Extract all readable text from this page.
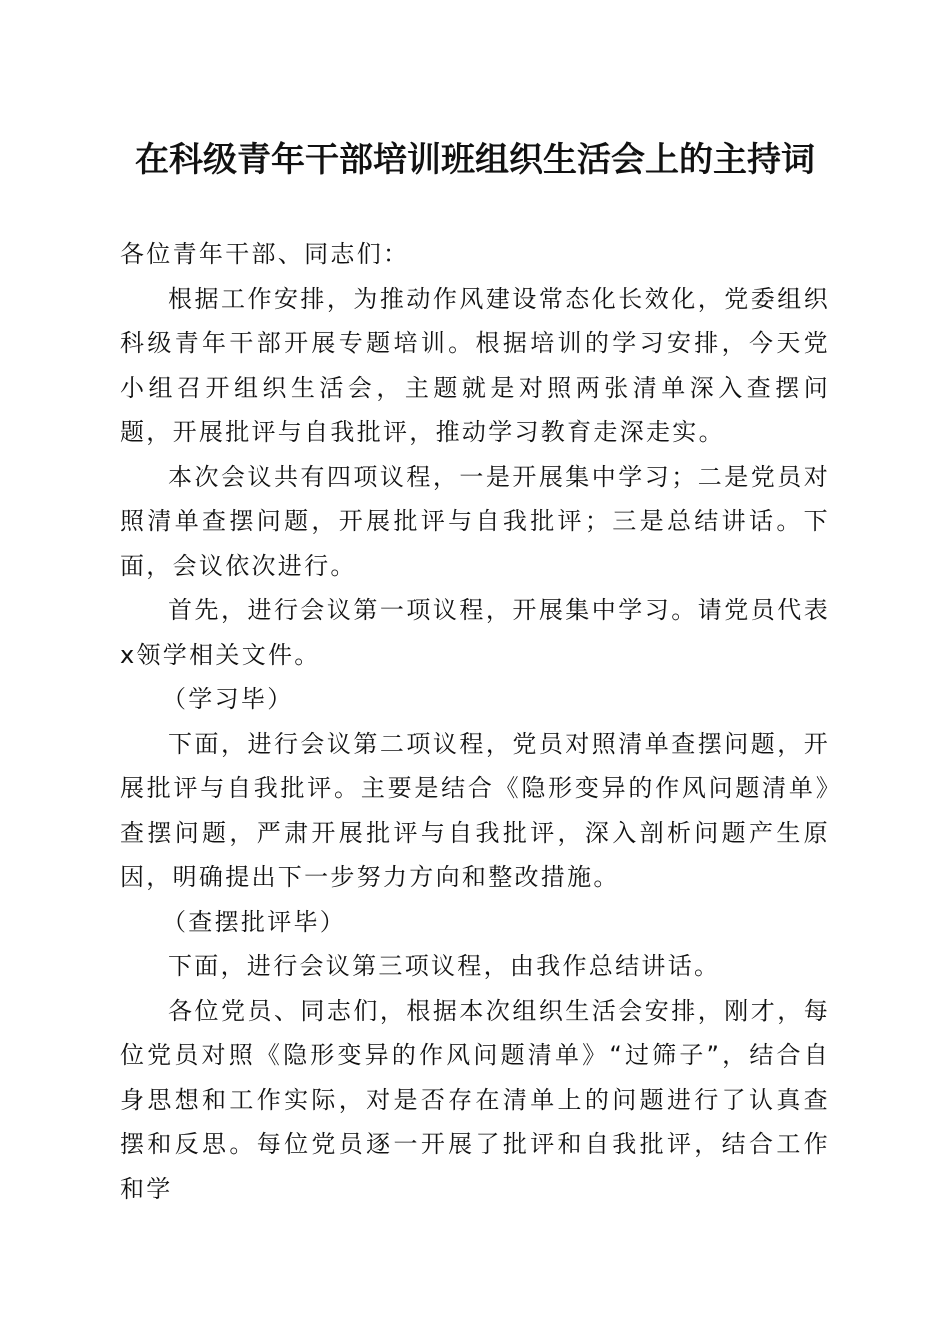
在科级青年干部培训班组织生活会上的主持词

各位青年干部、同志们：

根据工作安排，为推动作风建设常态化长效化，党委组织科级青年干部开展专题培训。根据培训的学习安排，今天党小组召开组织生活会，主题就是对照两张清单深入查摆问题，开展批评与自我批评，推动学习教育走深走实。

本次会议共有四项议程，一是开展集中学习；二是党员对照清单查摆问题，开展批评与自我批评；三是总结讲话。下面，会议依次进行。

首先，进行会议第一项议程，开展集中学习。请党员代表x领学相关文件。

（学习毕）

下面，进行会议第二项议程，党员对照清单查摆问题，开展批评与自我批评。主要是结合《隐形变异的作风问题清单》查摆问题，严肃开展批评与自我批评，深入剖析问题产生原因，明确提出下一步努力方向和整改措施。

（查摆批评毕）

下面，进行会议第三项议程，由我作总结讲话。

各位党员、同志们，根据本次组织生活会安排，刚才，每位党员对照《隐形变异的作风问题清单》“过筛子”，结合自身思想和工作实际，对是否存在清单上的问题进行了认真查摆和反思。每位党员逐一开展了批评和自我批评，结合工作和学
